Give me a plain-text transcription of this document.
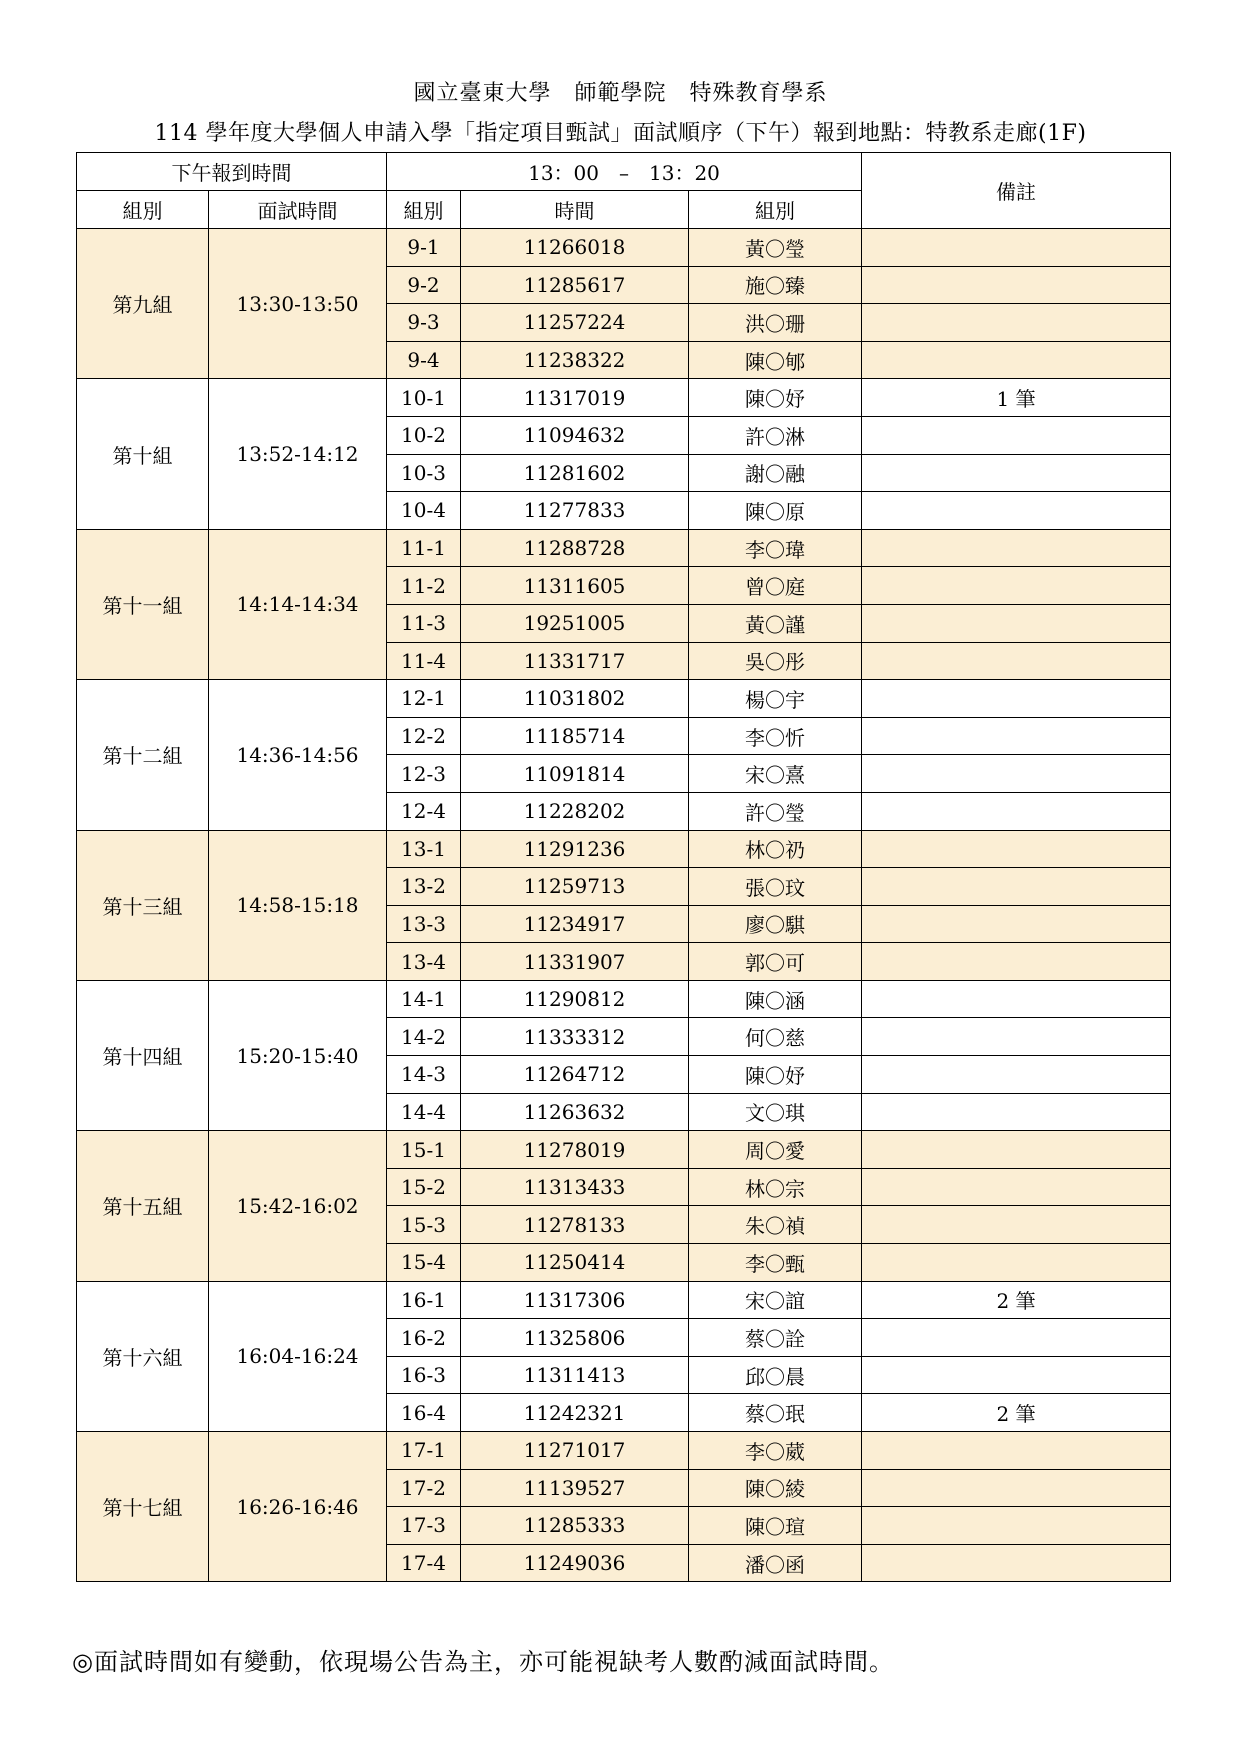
國立臺東大學　師範學院　特殊教育學系
114 學年度大學個人申請入學「指定項目甄試」面試順序（下午）報到地點：特教系走廊(1F)
下午報到時間		13：00　–　13：20			備註
組別	面試時間	組別	時間	組別	
第九組	13:30-13:50	9-1	11266018	黃〇瑩	
		9-2	11285617	施〇臻	
		9-3	11257224	洪〇珊	
		9-4	11238322	陳〇郇	
第十組	13:52-14:12	10-1	11317019	陳〇妤	1 筆
		10-2	11094632	許〇淋	
		10-3	11281602	謝〇融	
		10-4	11277833	陳〇原	
第十一組	14:14-14:34	11-1	11288728	李〇瑋	
		11-2	11311605	曾〇庭	
		11-3	19251005	黃〇謹	
		11-4	11331717	吳〇彤	
第十二組	14:36-14:56	12-1	11031802	楊〇宇	
		12-2	11185714	李〇忻	
		12-3	11091814	宋〇熹	
		12-4	11228202	許〇瑩	
第十三組	14:58-15:18	13-1	11291236	林〇礽	
		13-2	11259713	張〇玟	
		13-3	11234917	廖〇騏	
		13-4	11331907	郭〇可	
第十四組	15:20-15:40	14-1	11290812	陳〇涵	
		14-2	11333312	何〇慈	
		14-3	11264712	陳〇妤	
		14-4	11263632	文〇琪	
第十五組	15:42-16:02	15-1	11278019	周〇愛	
		15-2	11313433	林〇宗	
		15-3	11278133	朱〇禎	
		15-4	11250414	李〇甄	
第十六組	16:04-16:24	16-1	11317306	宋〇誼	2 筆
		16-2	11325806	蔡〇詮	
		16-3	11311413	邱〇晨	
		16-4	11242321	蔡〇珉	2 筆
第十七組	16:26-16:46	17-1	11271017	李〇葳	
		17-2	11139527	陳〇綾	
		17-3	11285333	陳〇瑄	
		17-4	11249036	潘〇函	
◎面試時間如有變動，依現場公告為主，亦可能視缺考人數酌減面試時間。
